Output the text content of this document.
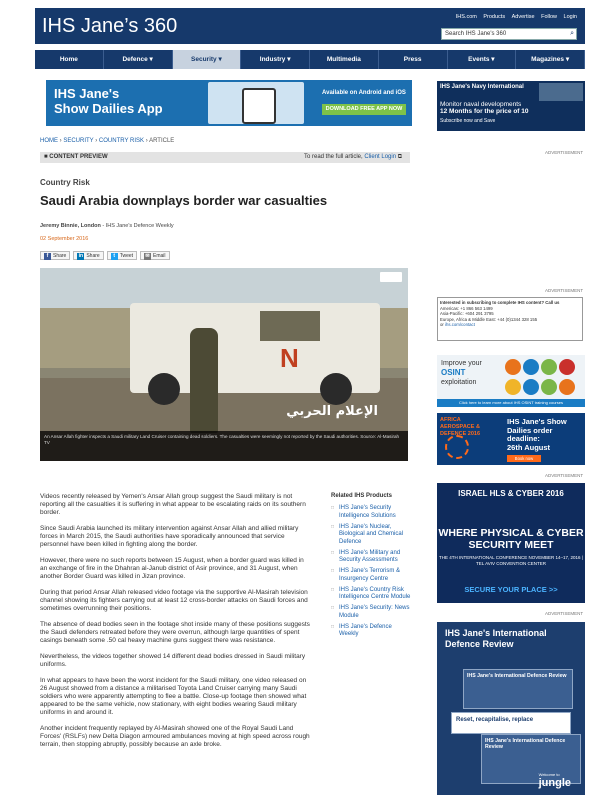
IHS Jane’s 360	IHS.com Products Advertise Follow Login
Search IHS Jane's 360	⌕
Home	Defence ▾	Security ▾	Industry ▾	Multimedia	Press	Events ▾	Magazines ▾
IHS Jane's
Show Dailies App
Available on Android and iOS
DOWNLOAD FREE APP NOW
IHS Jane's Navy International
Monitor naval developments
12 Months for the price of 10
Subscribe now and Save
HOME › SECURITY › COUNTRY RISK › ARTICLE
■ CONTENT PREVIEW	To read the full article, Client Login ⧉
ADVERTISEMENT
ADVERTISEMENT
ADVERTISEMENT
ADVERTISEMENT
Country Risk
Saudi Arabia downplays border war casualties
Jeremy Binnie, London - IHS Jane's Defence Weekly
02 September 2016
f Share	in Share	t Tweet	✉ Email
N
الإعلام الحربي
An Ansar Allah fighter inspects a Saudi military Land Cruiser containing dead soldiers. The casualties were seemingly not reported by the Saudi authorities. Source: Al-Masirah TV

Videos recently released by Yemen's Ansar Allah group suggest the Saudi military is not reporting all the casualties it is suffering in what appear to be escalating raids on its southern border.

Since Saudi Arabia launched its military intervention against Ansar Allah and allied military forces in March 2015, the Saudi authorities have sporadically announced that service personnel have been killed in fighting along the border.

However, there were no such reports between 15 August, when a border guard was killed in an exchange of fire in the Dhahran al-Janub district of Asir province, and 31 August, when another Border Guard was killed in Jizan province.

During that period Ansar Allah released video footage via the supportive Al-Masirah television channel showing its fighters carrying out at least 12 cross-border attacks on Saudi forces and sometimes overrunning their positions.

The absence of dead bodies seen in the footage shot inside many of these positions suggests the Saudi defenders retreated before they were overrun, although large quantities of spent casings beneath some .50 cal heavy machine guns suggest there was resistance.

Nevertheless, the videos together showed 14 different dead bodies dressed in Saudi military uniforms.

In what appears to have been the worst incident for the Saudi military, one video released on 26 August showed from a distance a militarised Toyota Land Cruiser carrying many Saudi soldiers who were apparently attempting to flee a battle. Close-up footage then showed what appeared to be the same vehicle, now stationary, with eight bodies wearing Saudi military uniforms in and around it.

Another incident frequently replayed by Al-Masirah showed one of the Royal Saudi Land Forces' (RSLFs) new Delta Diagon armoured ambulances moving at high speed across rough terrain, then stopping abruptly, possibly because an axle broke.

Related IHS Products
□ IHS Jane's Security Intelligence Solutions
□ IHS Jane's Nuclear, Biological and Chemical Defence
□ IHS Jane's Military and Security Assessments
□ IHS Jane's Terrorism & Insurgency Centre
□ IHS Jane's Country Risk Intelligence Centre Module
□ IHS Jane's Security: News Module
□ IHS Jane's Defence Weekly
Interested in subscribing to complete IHS content? Call us
Americas: +1 866 563 1499
Asia-Pacific: +604 291 3795
Europe, Africa & Middle East: +44 (0)1344 328 155
or ihs.com/contact
Improve your
OSINT
exploitation
Click here to learn more about IHS OSINT training courses
AFRICA AEROSPACE & DEFENCE 2016
IHS Jane's Show Dailies order deadline:
26th August
Book now
ISRAEL HLS & CYBER 2016
WHERE PHYSICAL & CYBER SECURITY MEET
THE 4TH INTERNATIONAL CONFERENCE NOVEMBER 14–17, 2016 | TEL AVIV CONVENTION CENTER
SECURE YOUR PLACE >>
IHS Jane's International Defence Review
IHS Jane's International Defence Review
Reset, recapitalise, replace
IHS Jane's International Defence Review
Welcome to
jungle
